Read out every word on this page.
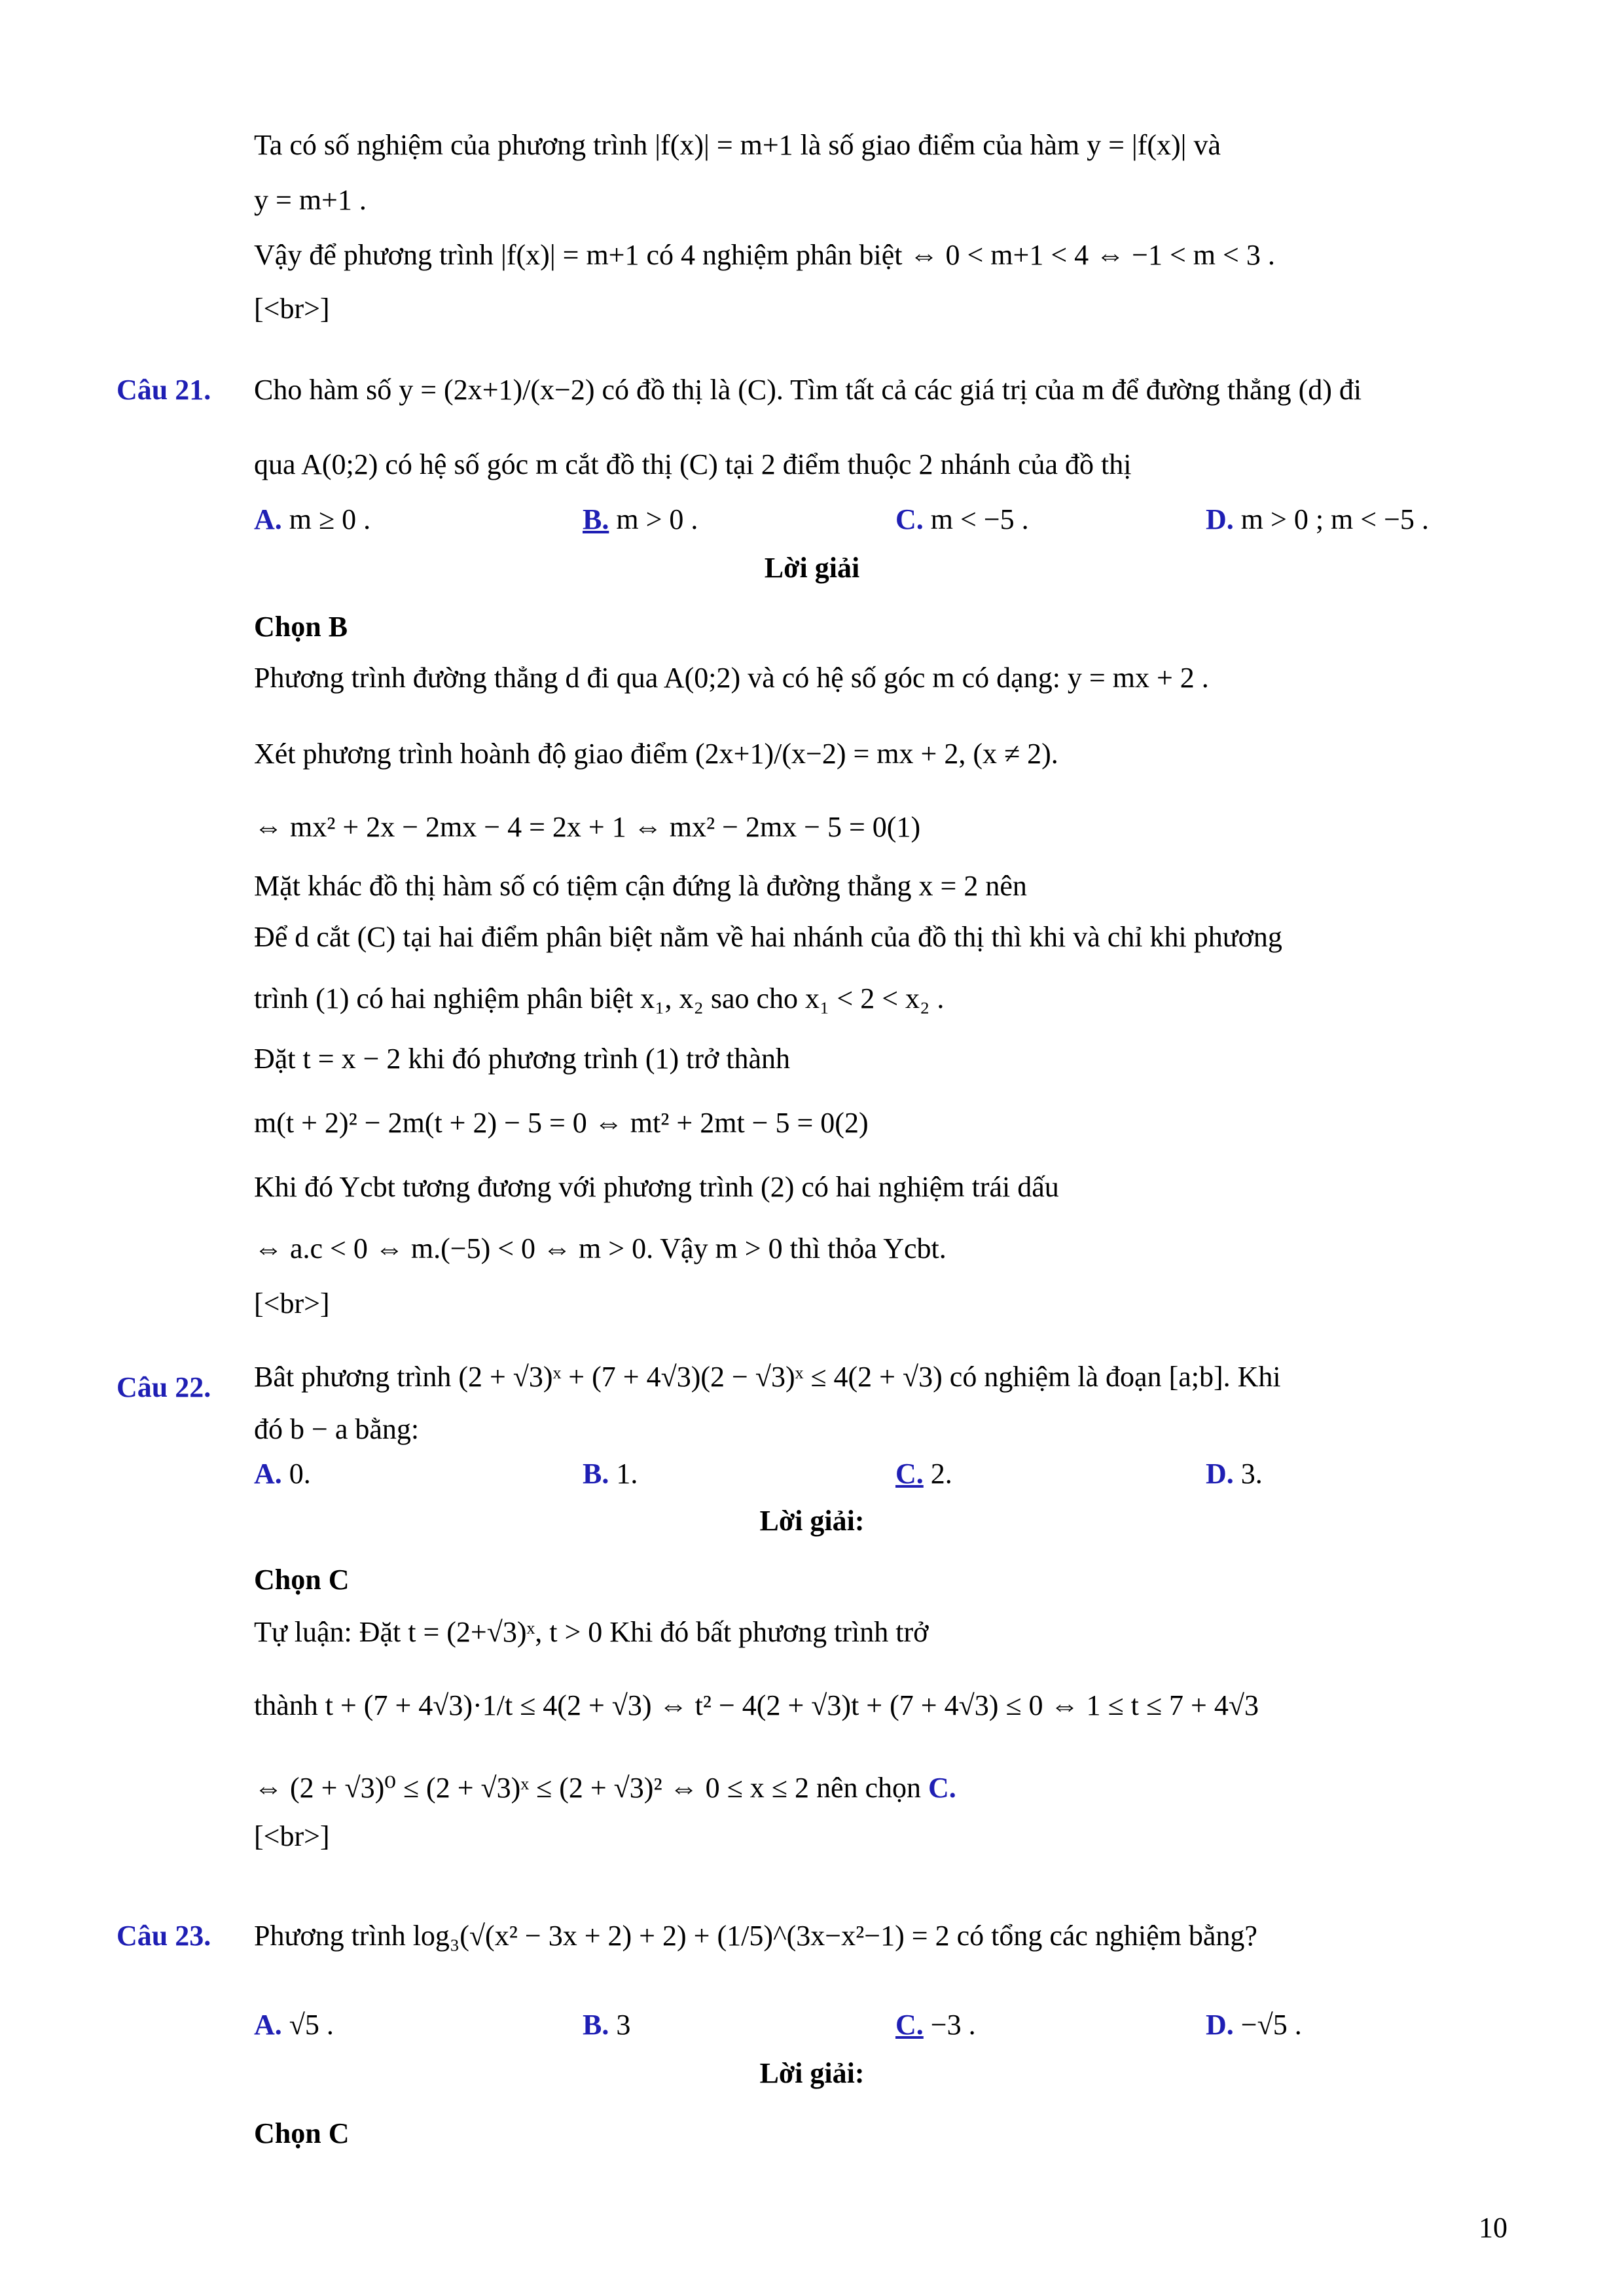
Ta có số nghiệm của phương trình |f(x)| = m+1 là số giao điểm của hàm y = |f(x)| và
y = m+1 .
Vậy để phương trình |f(x)| = m+1 có 4 nghiệm phân biệt ⇔ 0 < m+1 < 4 ⇔ −1 < m < 3 .
[<br>]
Câu 21. Cho hàm số y = (2x+1)/(x−2) có đồ thị là (C). Tìm tất cả các giá trị của m để đường thẳng (d) đi
qua A(0;2) có hệ số góc m cắt đồ thị (C) tại 2 điểm thuộc 2 nhánh của đồ thị
A. m ≥ 0 .	B. m > 0 .	C. m < −5 .	D. m > 0 ; m < −5 .
Lời giải
Chọn B
Phương trình đường thẳng d đi qua A(0;2) và có hệ số góc m có dạng: y = mx + 2 .
Xét phương trình hoành độ giao điểm (2x+1)/(x−2) = mx + 2, (x ≠ 2).
⇔ mx² + 2x − 2mx − 4 = 2x + 1 ⇔ mx² − 2mx − 5 = 0(1)
Mặt khác đồ thị hàm số có tiệm cận đứng là đường thẳng x = 2 nên
Để d cắt (C) tại hai điểm phân biệt nằm về hai nhánh của đồ thị thì khi và chỉ khi phương
trình (1) có hai nghiệm phân biệt x₁, x₂ sao cho x₁ < 2 < x₂ .
Đặt t = x − 2 khi đó phương trình (1) trở thành
m(t + 2)² − 2m(t + 2) − 5 = 0 ⇔ mt² + 2mt − 5 = 0(2)
Khi đó Ycbt tương đương với phương trình (2) có hai nghiệm trái dấu
⇔ a.c < 0 ⇔ m.(−5) < 0 ⇔ m > 0. Vậy m > 0 thì thỏa Ycbt.
[<br>]
Câu 22. Bât phương trình (2 + √3)ˣ + (7 + 4√3)(2 − √3)ˣ ≤ 4(2 + √3) có nghiệm là đoạn [a;b]. Khi
đó b − a bằng:
A. 0.	B. 1.	C. 2.	D. 3.
Lời giải:
Chọn C
Tự luận: Đặt t = (2+√3)ˣ, t > 0 Khi đó bất phương trình trở
thành t + (7 + 4√3)·1/t ≤ 4(2 + √3) ⇔ t² − 4(2 + √3)t + (7 + 4√3) ≤ 0 ⇔ 1 ≤ t ≤ 7 + 4√3
⇔ (2 + √3)⁰ ≤ (2 + √3)ˣ ≤ (2 + √3)² ⇔ 0 ≤ x ≤ 2 nên chọn C.
[<br>]
Câu 23. Phương trình log₃(√(x² − 3x + 2) + 2) + (1/5)^(3x−x²−1) = 2 có tổng các nghiệm bằng?
A. √5 .	B. 3	C. −3 .	D. −√5 .
Lời giải:
Chọn C
10
